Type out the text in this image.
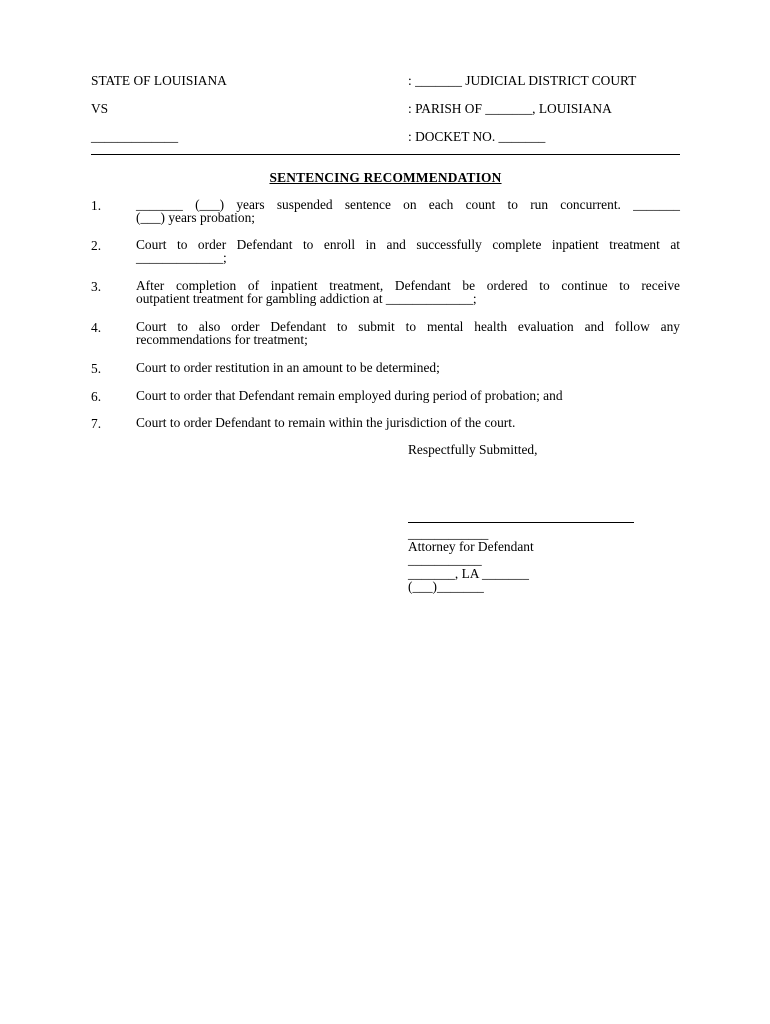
STATE OF LOUISIANA	: _______ JUDICIAL DISTRICT COURT
VS	: PARISH OF _______, LOUISIANA
_____________	: DOCKET NO. _______
SENTENCING RECOMMENDATION
1.	_______ (___) years suspended sentence on each count to run concurrent. _______
(___) years probation;
2.	Court to order Defendant to enroll in and successfully complete inpatient treatment at
_____________;
3.	After completion of inpatient treatment, Defendant be ordered to continue to receive
outpatient treatment for gambling addiction at _____________;
4.	Court to also order Defendant to submit to mental health evaluation and follow any
recommendations for treatment;
5.	Court to order restitution in an amount to be determined;
6.	Court to order that Defendant remain employed during period of probation; and
7.	Court to order Defendant to remain within the jurisdiction of the court.
Respectfully Submitted,
____________
Attorney for Defendant
___________
_______, LA _______
(___)_______
